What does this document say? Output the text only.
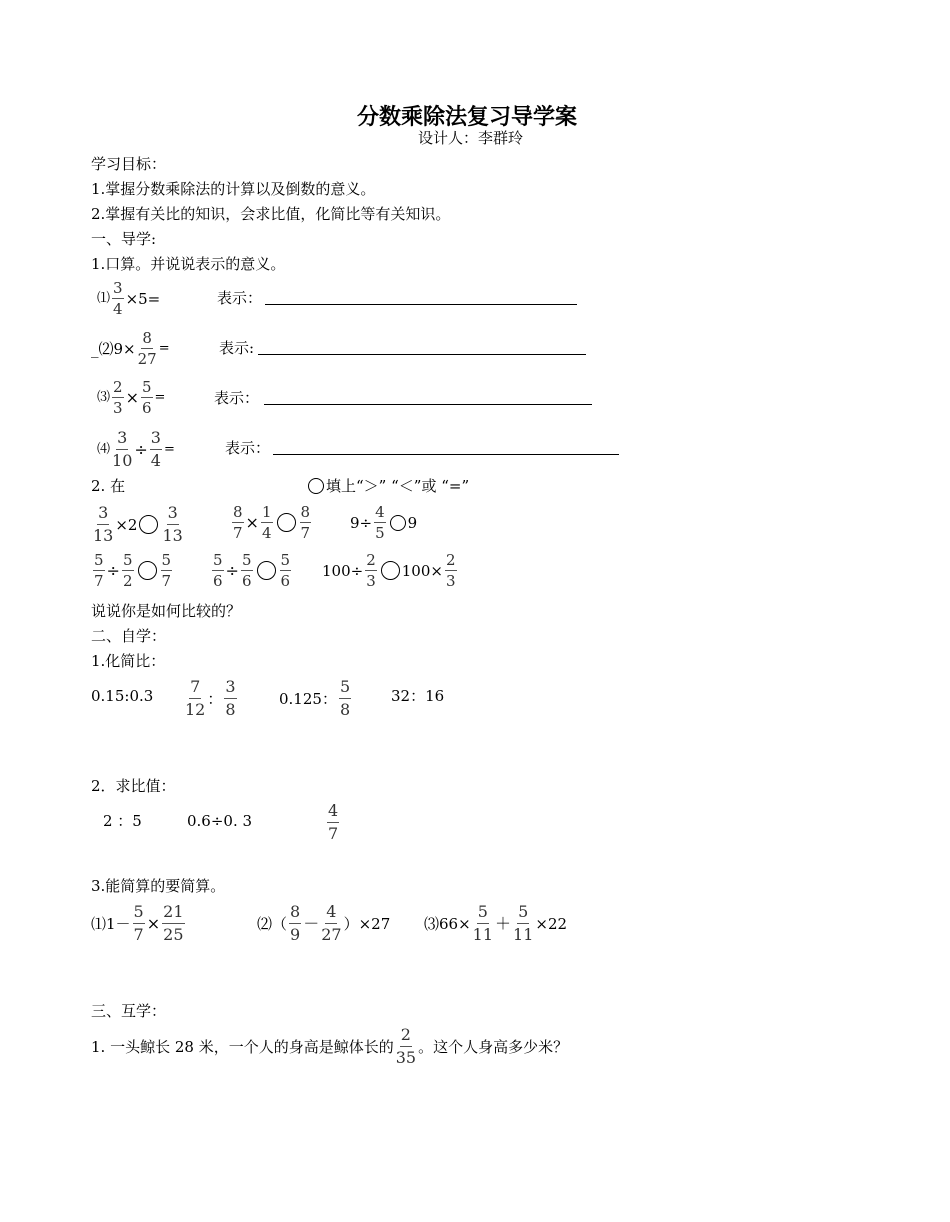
分数乘除法复习导学案
设计人：李群玲
学习目标：
1.掌握分数乘除法的计算以及倒数的意义。
2.掌握有关比的知识，会求比值，化简比等有关知识。
一、导学:
1.口算。并说说表示的意义。
⑴ $\frac{3}{4} \times 5=$	表示：
_⑵9× $\frac{8}{27}$ =	表示:
⑶ $\frac{2}{3} \times \frac{5}{6}$ =	表示：
⑷ $\frac{3}{10} \div \frac{3}{4}$ =	表示：
2. 在	填上“＞” “＜”或 “=”
$\frac{3}{13} \times 2 \frac{3}{13}$	$\frac{8}{7} \times \frac{1}{4} \frac{8}{7}$	$9\div \frac{4}{5} 9$
$\frac{5}{7} \div \frac{5}{2} \frac{5}{7}$	$\frac{5}{6} \div \frac{5}{6} \frac{5}{6} 100\div \frac{2}{3} 100\times \frac{2}{3}$
说说你是如何比较的？
二、自学：
1.化简比：
0.15:0.3 $\frac{7}{12}$ ： $\frac{3}{8}$	0.125： $\frac{5}{8}$	32：16
2．求比值：
2 ：5	0.6÷0. 3	$\frac{4}{7}$
3.能简算的要简算。
⑴1－ $\frac{5}{7} \times \frac{21}{25}$	⑵（ $\frac{8}{9} - \frac{4}{27} )\times 27$ ⑶66× $\frac{5}{11} + \frac{5}{11} \times 22$
三、互学：
1. 一头鲸长 28 米，一个人的身高是鲸体长的 $\frac{2}{35}$ 。这个人身高多少米？
